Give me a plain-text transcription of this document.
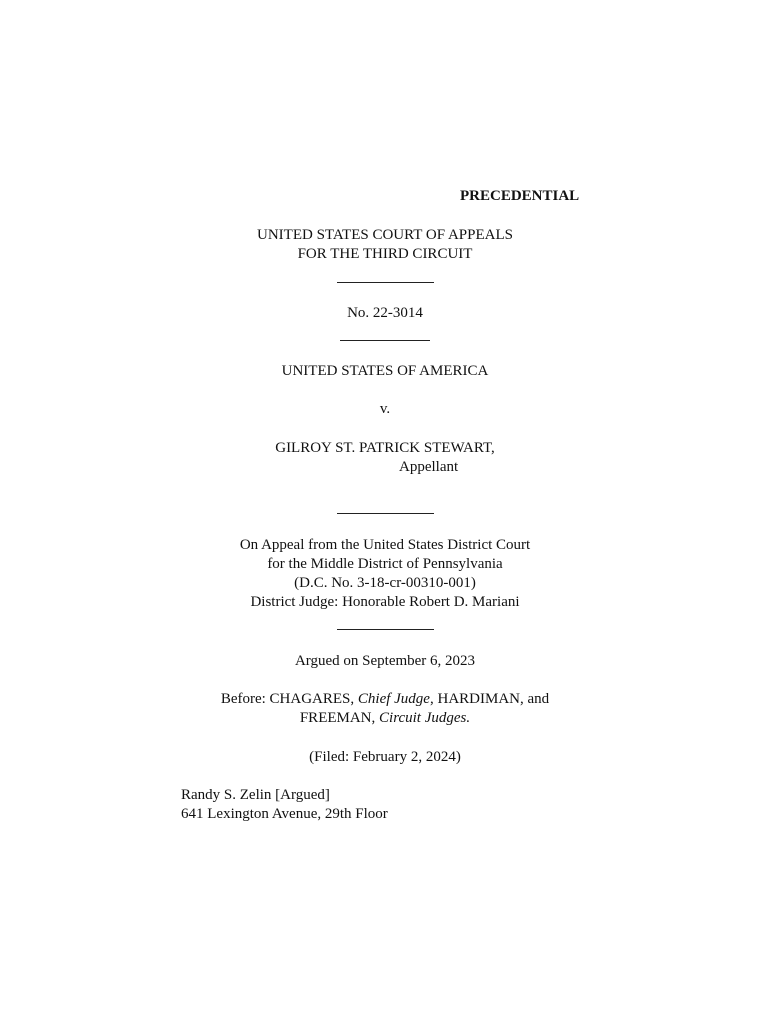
PRECEDENTIAL
UNITED STATES COURT OF APPEALS
FOR THE THIRD CIRCUIT
No. 22-3014
UNITED STATES OF AMERICA
v.
GILROY ST. PATRICK STEWART,
Appellant
On Appeal from the United States District Court
for the Middle District of Pennsylvania
(D.C. No. 3-18-cr-00310-001)
District Judge: Honorable Robert D. Mariani
Argued on September 6, 2023
Before: CHAGARES, Chief Judge, HARDIMAN, and
FREEMAN, Circuit Judges.
(Filed: February 2, 2024)
Randy S. Zelin [Argued]
641 Lexington Avenue, 29th Floor
